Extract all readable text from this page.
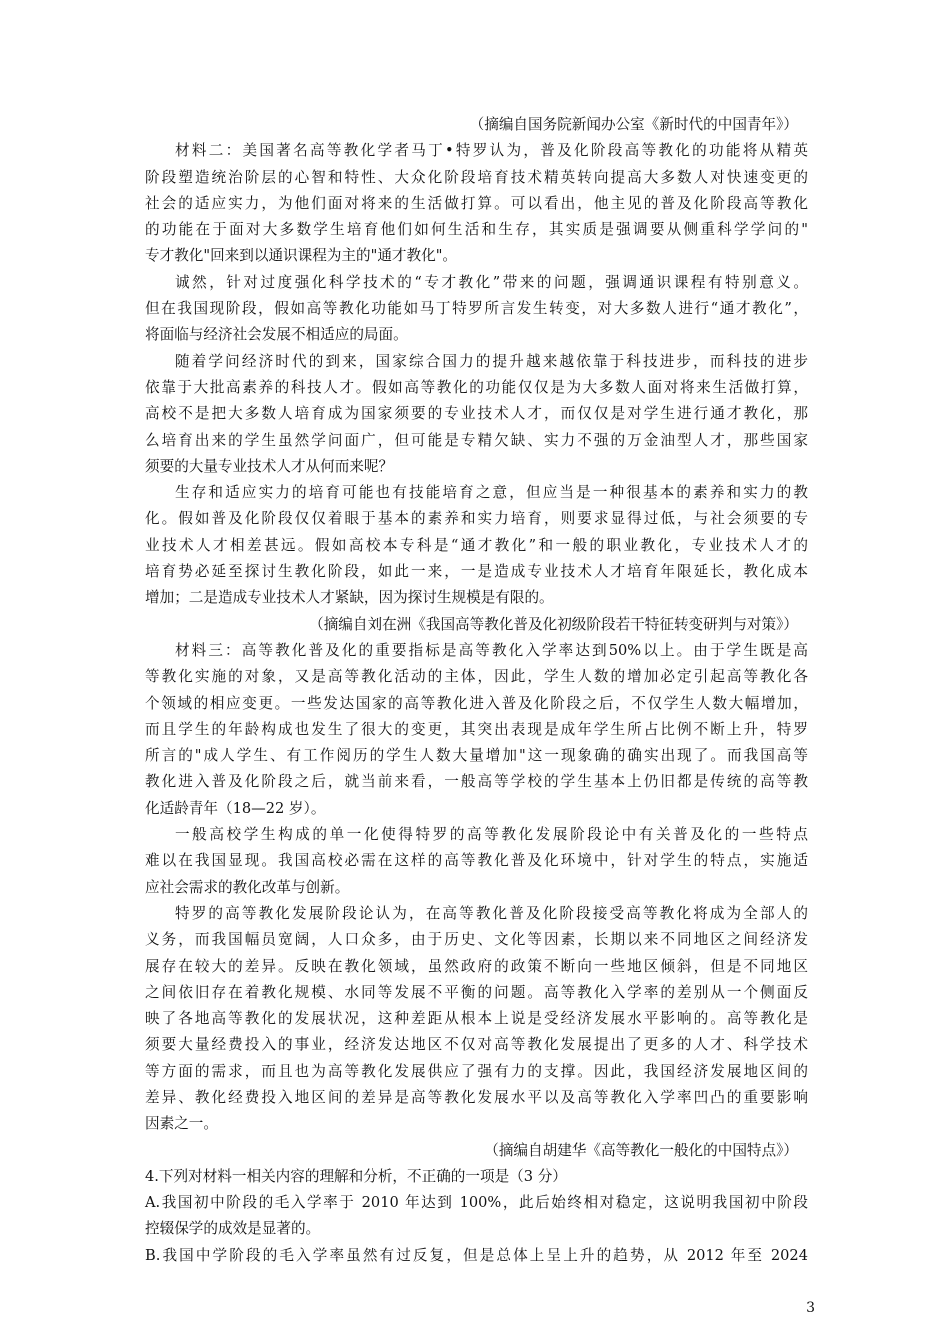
（摘编自国务院新闻办公室《新时代的中国青年》）
材料二：美国著名高等教化学者马丁•特罗认为，普及化阶段高等教化的功能将从精英
阶段塑造统治阶层的心智和特性、大众化阶段培育技术精英转向提高大多数人对快速变更的
社会的适应实力，为他们面对将来的生活做打算。可以看出，他主见的普及化阶段高等教化
的功能在于面对大多数学生培育他们如何生活和生存，其实质是强调要从侧重科学学问的"
专才教化"回来到以通识课程为主的"通才教化"。
诚然，针对过度强化科学技术的“专才教化”带来的问题，强调通识课程有特别意义。
但在我国现阶段，假如高等教化功能如马丁特罗所言发生转变，对大多数人进行“通才教化”，
将面临与经济社会发展不相适应的局面。
随着学问经济时代的到来，国家综合国力的提升越来越依靠于科技进步，而科技的进步
依靠于大批高素养的科技人才。假如高等教化的功能仅仅是为大多数人面对将来生活做打算，
高校不是把大多数人培育成为国家须要的专业技术人才，而仅仅是对学生进行通才教化，那
么培育出来的学生虽然学问面广，但可能是专精欠缺、实力不强的万金油型人才，那些国家
须要的大量专业技术人才从何而来呢？
生存和适应实力的培育可能也有技能培育之意，但应当是一种很基本的素养和实力的教
化。假如普及化阶段仅仅着眼于基本的素养和实力培育，则要求显得过低，与社会须要的专
业技术人才相差甚远。假如高校本专科是“通才教化”和一般的职业教化，专业技术人才的
培育势必延至探讨生教化阶段，如此一来，一是造成专业技术人才培育年限延长，教化成本
增加；二是造成专业技术人才紧缺，因为探讨生规模是有限的。
（摘编自刘在洲《我国高等教化普及化初级阶段若干特征转变研判与对策》）
材料三：高等教化普及化的重要指标是高等教化入学率达到50%以上。由于学生既是高
等教化实施的对象，又是高等教化活动的主体，因此，学生人数的增加必定引起高等教化各
个领域的相应变更。一些发达国家的高等教化进入普及化阶段之后，不仅学生人数大幅增加，
而且学生的年龄构成也发生了很大的变更，其突出表现是成年学生所占比例不断上升，特罗
所言的"成人学生、有工作阅历的学生人数大量增加"这一现象确的确实出现了。而我国高等
教化进入普及化阶段之后，就当前来看，一般高等学校的学生基本上仍旧都是传统的高等教
化适龄青年（18—22 岁）。
一般高校学生构成的单一化使得特罗的高等教化发展阶段论中有关普及化的一些特点
难以在我国显现。我国高校必需在这样的高等教化普及化环境中，针对学生的特点，实施适
应社会需求的教化改革与创新。
特罗的高等教化发展阶段论认为，在高等教化普及化阶段接受高等教化将成为全部人的
义务，而我国幅员宽阔，人口众多，由于历史、文化等因素，长期以来不同地区之间经济发
展存在较大的差异。反映在教化领域，虽然政府的政策不断向一些地区倾斜，但是不同地区
之间依旧存在着教化规模、水同等发展不平衡的问题。高等教化入学率的差别从一个侧面反
映了各地高等教化的发展状况，这种差距从根本上说是受经济发展水平影响的。高等教化是
须要大量经费投入的事业，经济发达地区不仅对高等教化发展提出了更多的人才、科学技术
等方面的需求，而且也为高等教化发展供应了强有力的支撑。因此，我国经济发展地区间的
差异、教化经费投入地区间的差异是高等教化发展水平以及高等教化入学率凹凸的重要影响
因素之一。
（摘编自胡建华《高等教化一般化的中国特点》）
4.下列对材料一相关内容的理解和分析，不正确的一项是（3 分）
A.我国初中阶段的毛入学率于 2010 年达到 100%，此后始终相对稳定，这说明我国初中阶段
控辍保学的成效是显著的。
B.我国中学阶段的毛入学率虽然有过反复，但是总体上呈上升的趋势，从 2012 年至 2024
3
